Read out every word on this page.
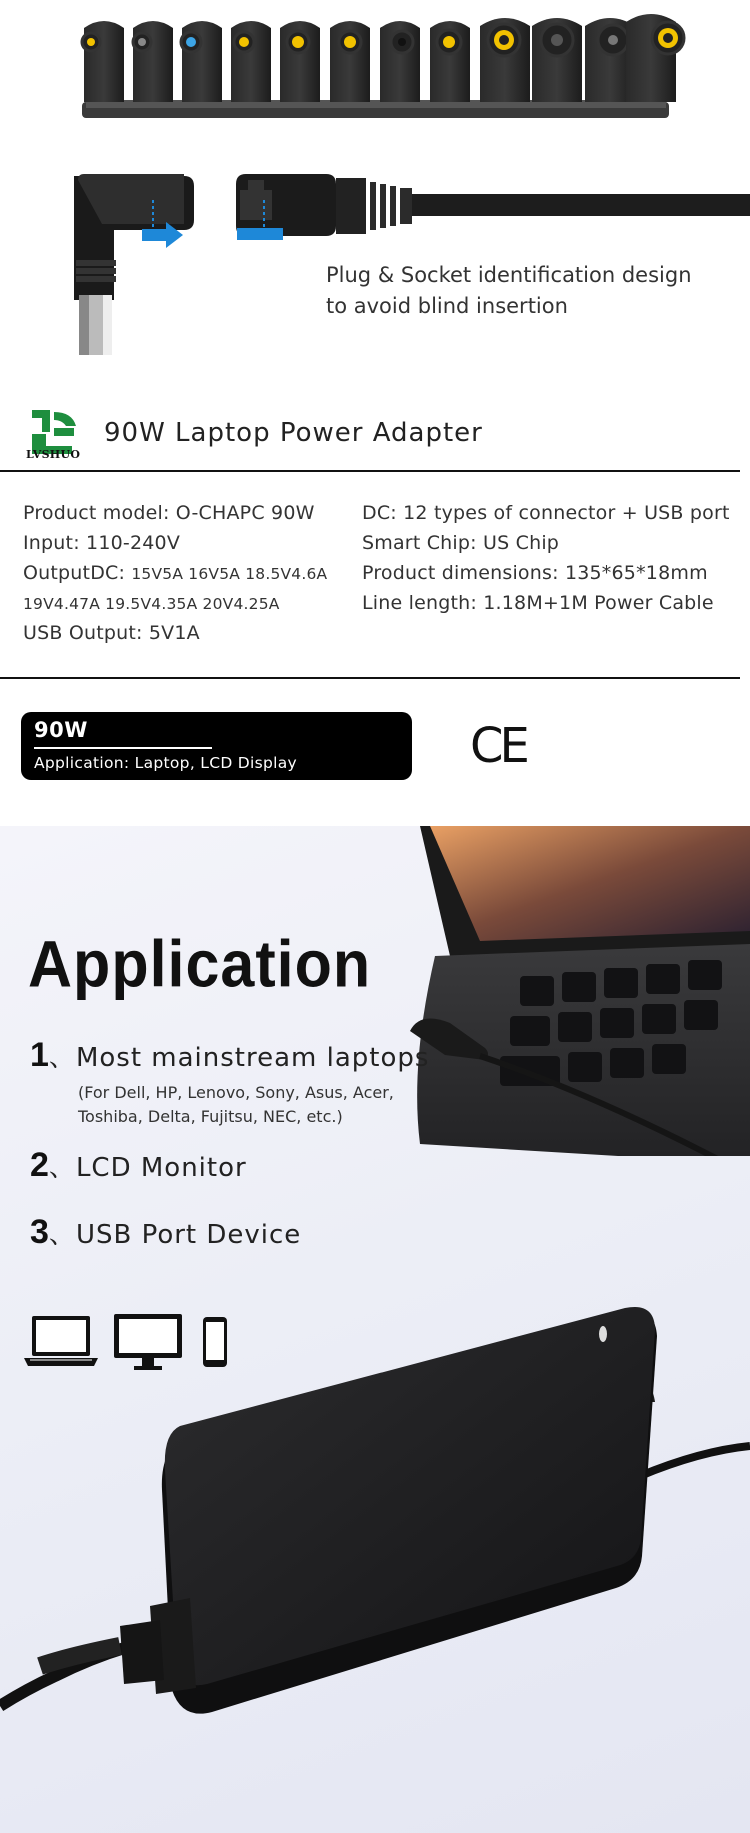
Plug & Socket identification design
to avoid blind insertion
LVSHUO
90W Laptop Power Adapter
Product model: O-CHAPC 90W
Input: 110-240V
OutputDC: 15V5A 16V5A 18.5V4.6A
19V4.47A 19.5V4.35A 20V4.25A
USB Output: 5V1A
DC: 12 types of connector + USB port
Smart Chip: US Chip
Product dimensions: 135*65*18mm
Line length: 1.18M+1M Power Cable
90W
Application: Laptop, LCD Display	CE
Application
1、Most mainstream laptops
(For Dell, HP, Lenovo, Sony, Asus, Acer,
Toshiba, Delta, Fujitsu, NEC, etc.)
2、LCD Monitor
3、USB Port Device
